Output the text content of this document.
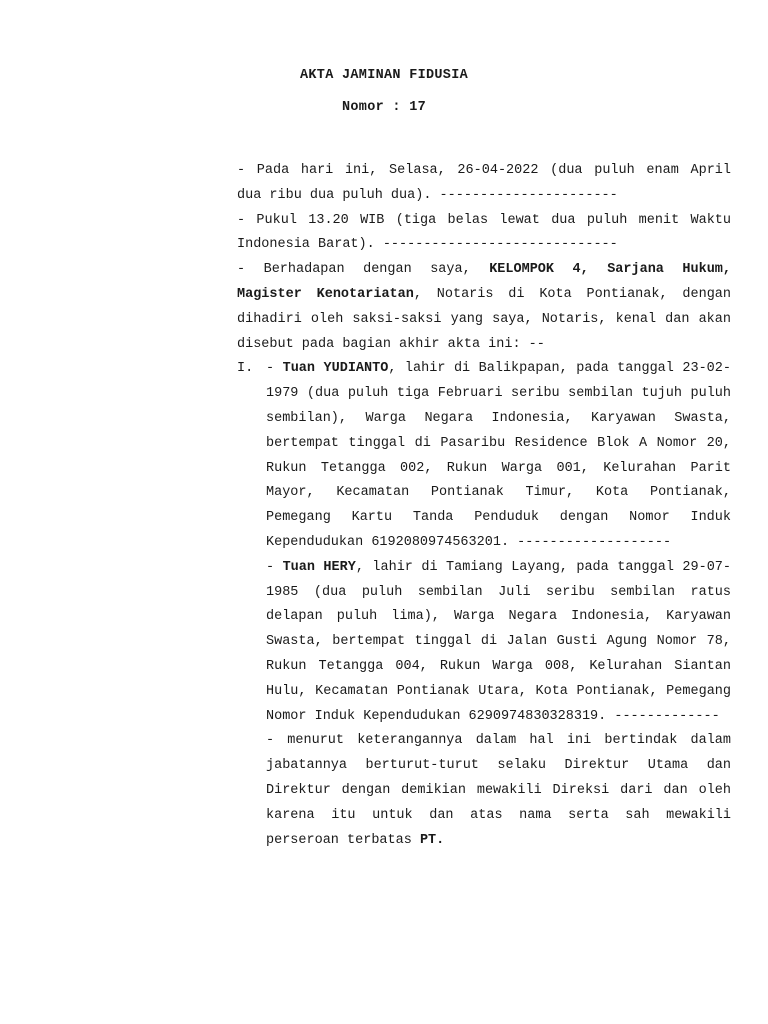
AKTA JAMINAN FIDUSIA
Nomor : 17

- Pada hari ini, Selasa, 26-04-2022 (dua puluh enam April dua ribu dua puluh dua). ----------------------

- Pukul 13.20 WIB (tiga belas lewat dua puluh menit Waktu Indonesia Barat). -----------------------------

- Berhadapan dengan saya, KELOMPOK 4, Sarjana Hukum, Magister Kenotariatan, Notaris di Kota Pontianak, dengan dihadiri oleh saksi-saksi yang saya, Notaris, kenal dan akan disebut pada bagian akhir akta ini: --

I. - Tuan YUDIANTO, lahir di Balikpapan, pada tanggal 23-02-1979 (dua puluh tiga Februari seribu sembilan tujuh puluh sembilan), Warga Negara Indonesia, Karyawan Swasta, bertempat tinggal di Pasaribu Residence Blok A Nomor 20, Rukun Tetangga 002, Rukun Warga 001, Kelurahan Parit Mayor, Kecamatan Pontianak Timur, Kota Pontianak, Pemegang Kartu Tanda Penduduk dengan Nomor Induk Kependudukan 6192080974563201. -------------------
- Tuan HERY, lahir di Tamiang Layang, pada tanggal 29-07-1985 (dua puluh sembilan Juli seribu sembilan ratus delapan puluh lima), Warga Negara Indonesia, Karyawan Swasta, bertempat tinggal di Jalan Gusti Agung Nomor 78, Rukun Tetangga 004, Rukun Warga 008, Kelurahan Siantan Hulu, Kecamatan Pontianak Utara, Kota Pontianak, Pemegang Nomor Induk Kependudukan 6290974830328319. -------------
- menurut keterangannya dalam hal ini bertindak dalam jabatannya berturut-turut selaku Direktur Utama dan Direktur dengan demikian mewakili Direksi dari dan oleh karena itu untuk dan atas nama serta sah mewakili perseroan terbatas PT.
